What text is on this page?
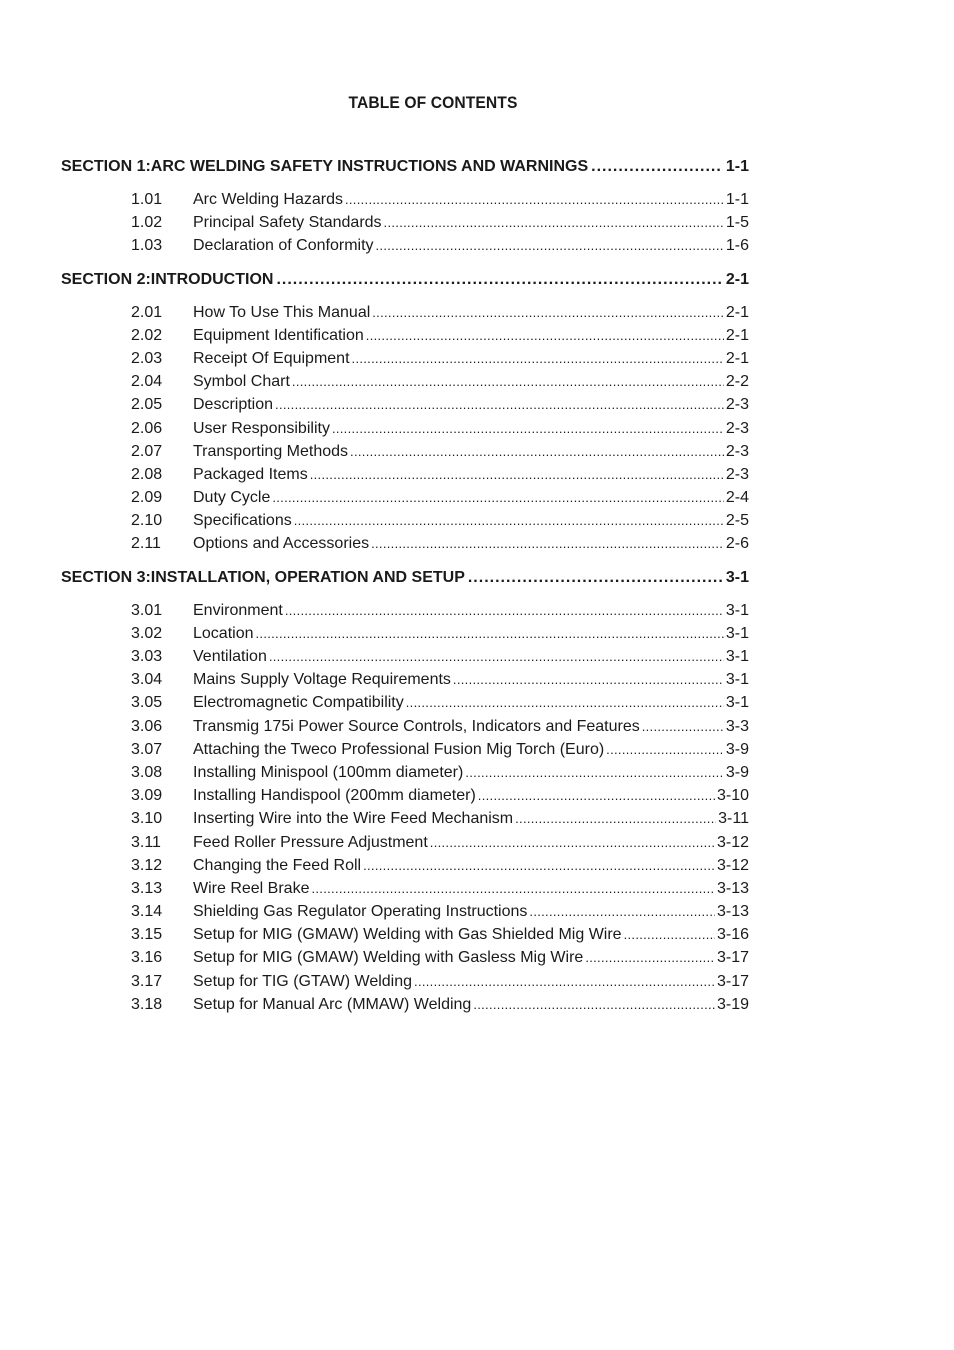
TABLE OF CONTENTS
SECTION 1:ARC WELDING SAFETY INSTRUCTIONS AND WARNINGS .....	1-1
1.01	Arc Welding Hazards .....	1-1
1.02	Principal Safety Standards .....	1-5
1.03	Declaration of Conformity .....	1-6
SECTION 2:INTRODUCTION .....	2-1
2.01	How To Use This Manual .....	2-1
2.02	Equipment Identification .....	2-1
2.03	Receipt Of Equipment .....	2-1
2.04	Symbol Chart .....	2-2
2.05	Description .....	2-3
2.06	User Responsibility .....	2-3
2.07	Transporting Methods .....	2-3
2.08	Packaged Items .....	2-3
2.09	Duty Cycle .....	2-4
2.10	Specifications .....	2-5
2.11	Options and Accessories .....	2-6
SECTION 3:INSTALLATION, OPERATION AND SETUP .....	3-1
3.01	Environment .....	3-1
3.02	Location .....	3-1
3.03	Ventilation .....	3-1
3.04	Mains Supply Voltage Requirements .....	3-1
3.05	Electromagnetic Compatibility .....	3-1
3.06	Transmig 175i Power Source Controls, Indicators and Features .....	3-3
3.07	Attaching the Tweco Professional Fusion Mig Torch (Euro) .....	3-9
3.08	Installing Minispool (100mm diameter) .....	3-9
3.09	Installing Handispool (200mm diameter) .....	3-10
3.10	Inserting Wire into the Wire Feed Mechanism .....	3-11
3.11	Feed Roller Pressure Adjustment .....	3-12
3.12	Changing the Feed Roll .....	3-12
3.13	Wire Reel Brake .....	3-13
3.14	Shielding Gas Regulator Operating Instructions .....	3-13
3.15	Setup for MIG (GMAW) Welding with Gas Shielded Mig Wire .....	3-16
3.16	Setup for MIG (GMAW) Welding with Gasless Mig Wire .....	3-17
3.17	Setup for TIG (GTAW) Welding .....	3-17
3.18	Setup for Manual Arc (MMAW) Welding .....	3-19
